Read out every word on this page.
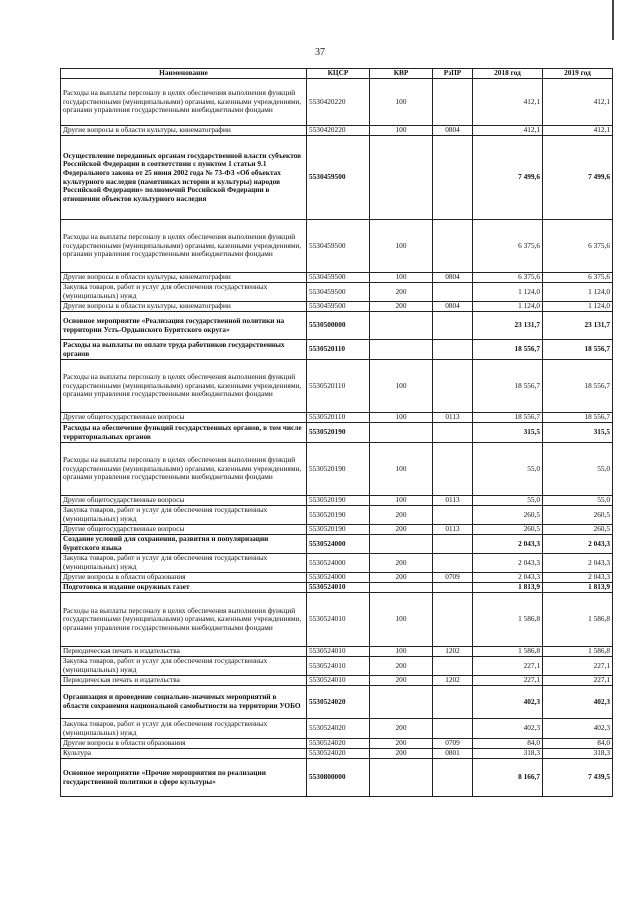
37
Наименование	КЦСР	КВР	РзПР	2018 год	2019 год
Расходы на выплаты персоналу в целях обеспечения выполнения функций государственными (муниципальными) органами, казенными учреждениями, органами управления государственными внебюджетными фондами	5530420220	100		412,1	412,1
Другие вопросы в области культуры, кинематографии	5530420220	100	0804	412,1	412,1
Осуществление переданных органам государственной власти субъектов Российской Федерации в соответствии с пунктом 1 статьи 9.1 Федерального закона от 25 июня 2002 года № 73-ФЗ «Об объектах культурного наследия (памятниках истории и культуры) народов Российской Федерации» полномочий Российской Федерации в отношении объектов культурного наследия	5530459500			7 499,6	7 499,6
Расходы на выплаты персоналу в целях обеспечения выполнения функций государственными (муниципальными) органами, казенными учреждениями, органами управления государственными внебюджетными фондами	5530459500	100		6 375,6	6 375,6
Другие вопросы в области культуры, кинематографии	5530459500	100	0804	6 375,6	6 375,6
Закупка товаров, работ и услуг для обеспечения государственных (муниципальных) нужд	5530459500	200		1 124,0	1 124,0
Другие вопросы в области культуры, кинематографии	5530459500	200	0804	1 124,0	1 124,0
Основное мероприятие «Реализация государственной политики на территории Усть-Ордынского Бурятского округа»	5530500000			23 131,7	23 131,7
Расходы на выплаты по оплате труда работников государственных органов	5530520110			18 556,7	18 556,7
Расходы на выплаты персоналу в целях обеспечения выполнения функций государственными (муниципальными) органами, казенными учреждениями, органами управления государственными внебюджетными фондами	5530520110	100		18 556,7	18 556,7
Другие общегосударственные вопросы	5530520110	100	0113	18 556,7	18 556,7
Расходы на обеспечение функций государственных органов, в том числе территориальных органов	5530520190			315,5	315,5
Расходы на выплаты персоналу в целях обеспечения выполнения функций государственными (муниципальными) органами, казенными учреждениями, органами управления государственными внебюджетными фондами	5530520190	100		55,0	55,0
Другие общегосударственные вопросы	5530520190	100	0113	55,0	55,0
Закупка товаров, работ и услуг для обеспечения государственных (муниципальных) нужд	5530520190	200		260,5	260,5
Другие общегосударственные вопросы	5530520190	200	0113	260,5	260,5
Создание условий для сохранения, развития и популяризации бурятского языка	5530524000			2 043,3	2 043,3
Закупка товаров, работ и услуг для обеспечения государственных (муниципальных) нужд	5530524000	200		2 043,3	2 043,3
Другие вопросы в области образования	5530524000	200	0709	2 043,3	2 043,3
Подготовка и издание окружных газет	5530524010			1 813,9	1 813,9
Расходы на выплаты персоналу в целях обеспечения выполнения функций государственными (муниципальными) органами, казенными учреждениями, органами управления государственными внебюджетными фондами	5530524010	100		1 586,8	1 586,8
Периодическая печать и издательства	5530524010	100	1202	1 586,8	1 586,8
Закупка товаров, работ и услуг для обеспечения государственных (муниципальных) нужд	5530524010	200		227,1	227,1
Периодическая печать и издательства	5530524010	200	1202	227,1	227,1
Организация и проведение социально-значимых мероприятий в области сохранения национальной самобытности на территории УОБО	5530524020			402,3	402,3
Закупка товаров, работ и услуг для обеспечения государственных (муниципальных) нужд	5530524020	200		402,3	402,3
Другие вопросы в области образования	5530524020	200	0709	84,0	84,0
Культура	5530524020	200	0801	318,3	318,3
Основное мероприятие «Прочие мероприятия по реализации государственной политики в сфере культуры»	5530800000			8 166,7	7 439,5
